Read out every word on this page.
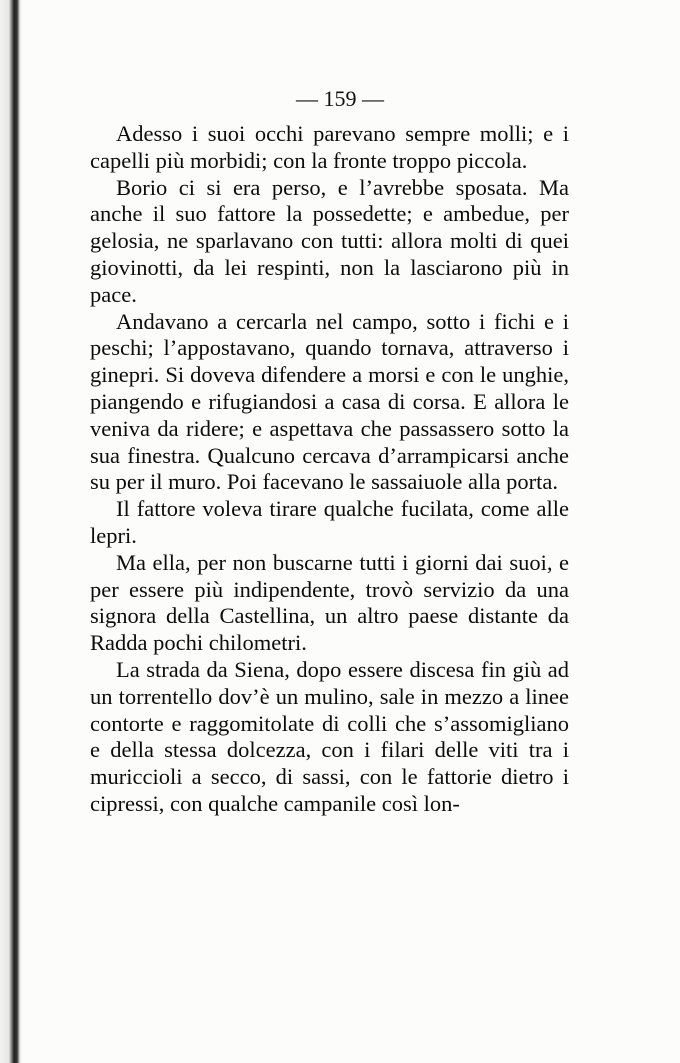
— 159 —

Adesso i suoi occhi parevano sempre molli; e i capelli più morbidi; con la fronte troppo piccola.

Borio ci si era perso, e l’avrebbe sposata. Ma anche il suo fattore la possedette; e ambedue, per gelosia, ne sparlavano con tutti: allora molti di quei giovinotti, da lei respinti, non la lasciarono più in pace.

Andavano a cercarla nel campo, sotto i fichi e i peschi; l’appostavano, quando tornava, attraverso i ginepri. Si doveva difendere a morsi e con le unghie, piangendo e rifugiandosi a casa di corsa. E allora le veniva da ridere; e aspettava che passassero sotto la sua finestra. Qualcuno cercava d’arrampicarsi anche su per il muro. Poi facevano le sassaiuole alla porta.

Il fattore voleva tirare qualche fucilata, come alle lepri.

Ma ella, per non buscarne tutti i giorni dai suoi, e per essere più indipendente, trovò servizio da una signora della Castellina, un altro paese distante da Radda pochi chilometri.

La strada da Siena, dopo essere discesa fin giù ad un torrentello dov’è un mulino, sale in mezzo a linee contorte e raggomitolate di colli che s’assomigliano e della stessa dolcezza, con i filari delle viti tra i muriccioli a secco, di sassi, con le fattorie dietro i cipressi, con qualche campanile così lon-
